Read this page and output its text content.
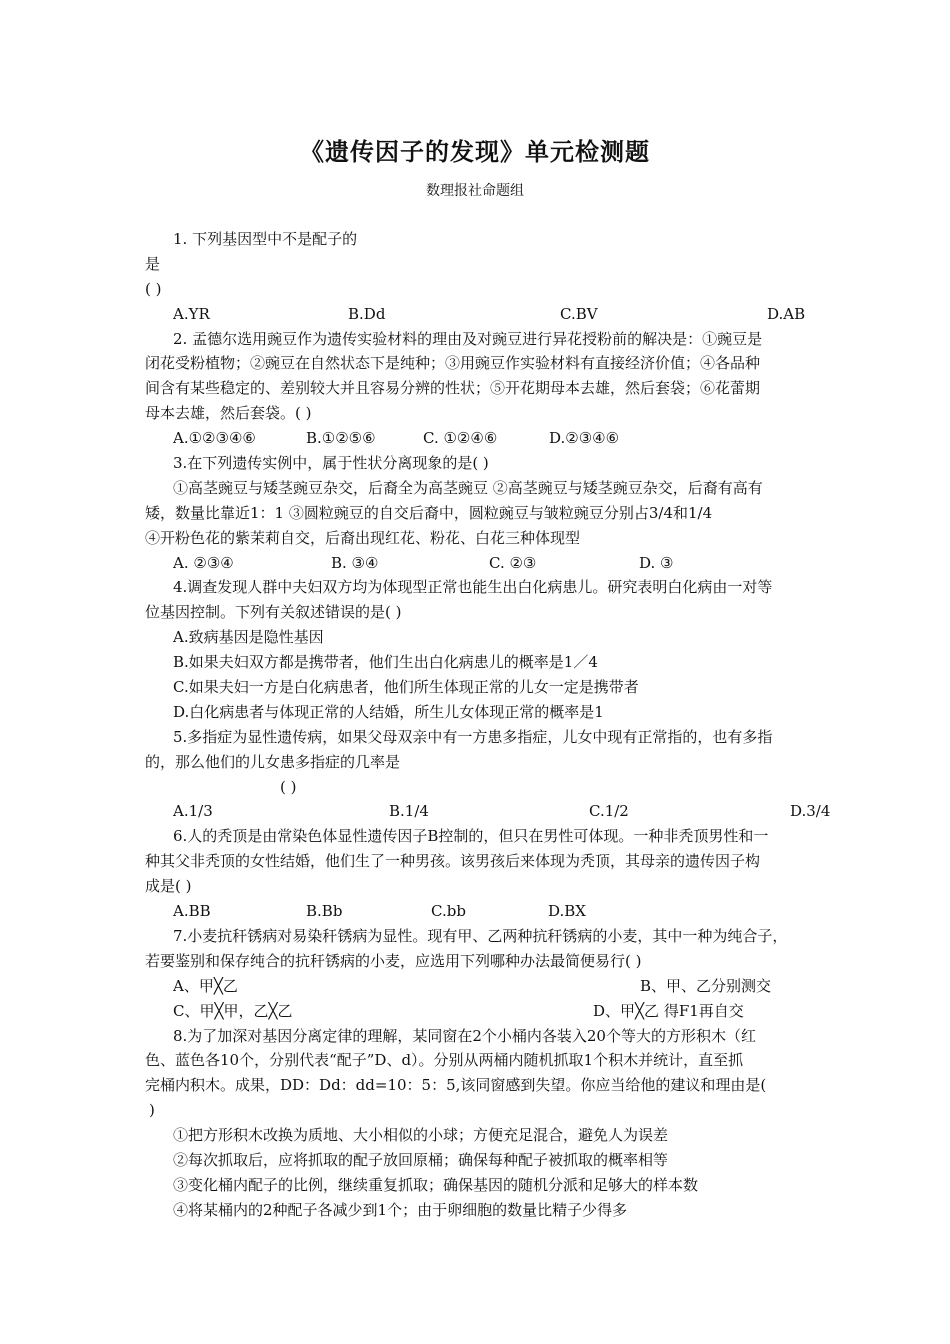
《遗传因子的发现》单元检测题
数理报社命题组
1. 下列基因型中不是配子的
是
( )
A.YR	B.Dd	C.BV	D.AB
2. 孟德尔选用豌豆作为遗传实验材料的理由及对豌豆进行异花授粉前的解决是：①豌豆是
闭花受粉植物；②豌豆在自然状态下是纯种；③用豌豆作实验材料有直接经济价值；④各品种
间含有某些稳定的、差别较大并且容易分辨的性状；⑤开花期母本去雄，然后套袋；⑥花蕾期
母本去雄，然后套袋。( )
A.①②③④⑥	B.①②⑤⑥	C. ①②④⑥	D.②③④⑥
3.在下列遗传实例中，属于性状分离现象的是( )
①高茎豌豆与矮茎豌豆杂交，后裔全为高茎豌豆 ②高茎豌豆与矮茎豌豆杂交，后裔有高有
矮，数量比靠近1：1 ③圆粒豌豆的自交后裔中，圆粒豌豆与皱粒豌豆分别占3/4和1/4
④开粉色花的紫茉莉自交，后裔出现红花、粉花、白花三种体现型
A. ②③④	B. ③④	C. ②③	D. ③
4.调查发现人群中夫妇双方均为体现型正常也能生出白化病患儿。研究表明白化病由一对等
位基因控制。下列有关叙述错误的是( )
A.致病基因是隐性基因
B.如果夫妇双方都是携带者，他们生出白化病患儿的概率是1／4
C.如果夫妇一方是白化病患者，他们所生体现正常的儿女一定是携带者
D.白化病患者与体现正常的人结婚，所生儿女体现正常的概率是1
5.多指症为显性遗传病，如果父母双亲中有一方患多指症，儿女中现有正常指的，也有多指
的，那么他们的儿女患多指症的几率是
( )
A.1/3	B.1/4	C.1/2	D.3/4
6.人的秃顶是由常染色体显性遗传因子B控制的，但只在男性可体现。一种非秃顶男性和一
种其父非秃顶的女性结婚，他们生了一种男孩。该男孩后来体现为秃顶，其母亲的遗传因子构
成是( )
A.BB	B.Bb	C.bb	D.BX
7.小麦抗秆锈病对易染秆锈病为显性。现有甲、乙两种抗秆锈病的小麦，其中一种为纯合子，
若要鉴别和保存纯合的抗秆锈病的小麦，应选用下列哪种办法最简便易行( )
A、甲╳乙	B、甲、乙分别测交
C、甲╳甲，乙╳乙	D、甲╳乙 得F1再自交
8.为了加深对基因分离定律的理解，某同窗在2个小桶内各装入20个等大的方形积木（红
色、蓝色各10个，分别代表“配子”D、d）。分别从两桶内随机抓取1个积木并统计，直至抓
完桶内积木。成果，DD：Dd：dd=10：5：5,该同窗感到失望。你应当给他的建议和理由是(
)
①把方形积木改换为质地、大小相似的小球；方便充足混合，避免人为误差
②每次抓取后，应将抓取的配子放回原桶；确保每种配子被抓取的概率相等
③变化桶内配子的比例，继续重复抓取；确保基因的随机分派和足够大的样本数
④将某桶内的2种配子各减少到1个；由于卵细胞的数量比精子少得多
